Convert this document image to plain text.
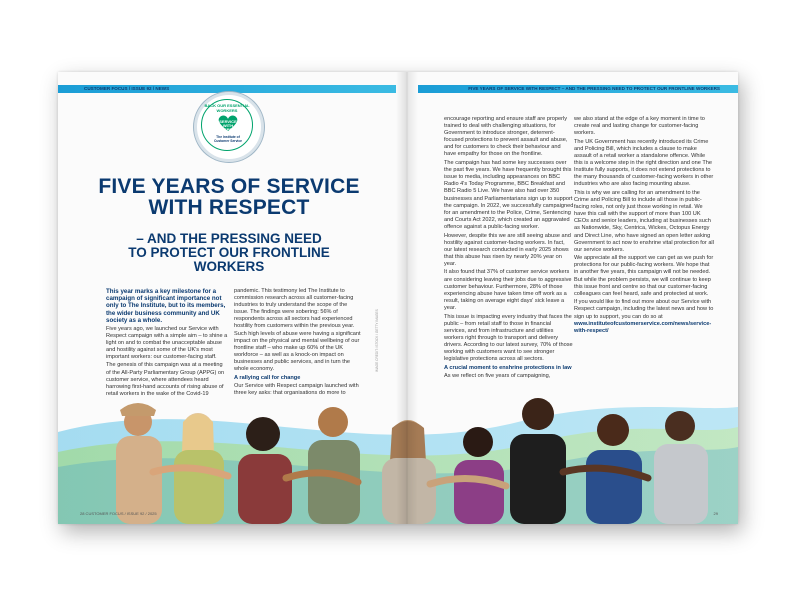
CUSTOMER FOCUS / ISSUE 92 / NEWS	FIVE YEARS OF SERVICE WITH RESPECT – AND THE PRESSING NEED TO PROTECT OUR FRONTLINE WORKERS
BACK OUR ESSENTIAL WORKERS
SERVICE
WITH
RESPECT
The Institute of
Customer Service
FIVE YEARS OF SERVICE
WITH RESPECT
– AND THE PRESSING NEED
TO PROTECT OUR FRONTLINE
WORKERS

This year marks a key milestone for a campaign of significant importance not only to The Institute, but to its members, the wider business community and UK society as a whole.

Five years ago, we launched our Service with Respect campaign with a simple aim – to shine a light on and to combat the unacceptable abuse and hostility against some of the UK's most important workers: our customer-facing staff.

The genesis of this campaign was at a meeting of the All-Party Parliamentary Group (APPG) on customer service, where attendees heard harrowing first-hand accounts of rising abuse of retail workers in the wake of the Covid-19

pandemic. This testimony led The Institute to commission research across all customer-facing industries to truly understand the scope of the issue. The findings were sobering: 56% of respondents across all sectors had experienced hostility from customers within the previous year. Such high levels of abuse were having a significant impact on the physical and mental wellbeing of our frontline staff – who make up 60% of the UK workforce – as well as a knock-on impact on businesses and public services, and in turn the whole economy.

A rallying call for change

Our Service with Respect campaign launched with three key asks: that organisations do more to

IMAGE CREDIT: ISTOCK / GETTY IMAGES

encourage reporting and ensure staff are properly trained to deal with challenging situations, for Government to introduce stronger, deterrent-focused protections to prevent assault and abuse, and for customers to check their behaviour and have empathy for those on the frontline.

The campaign has had some key successes over the past five years. We have frequently brought this issue to media, including appearances on BBC Radio 4's Today Programme, BBC Breakfast and BBC Radio 5 Live. We have also had over 350 businesses and Parliamentarians sign up to support the campaign. In 2022, we successfully campaigned for an amendment to the Police, Crime, Sentencing and Courts Act 2022, which created an aggravated offence against a public-facing worker.

However, despite this we are still seeing abuse and hostility against customer-facing workers. In fact, our latest research conducted in early 2025 shows that this abuse has risen by nearly 20% year on year.

It also found that 37% of customer service workers are considering leaving their jobs due to aggressive customer behaviour. Furthermore, 28% of those experiencing abuse have taken time off work as a result, taking on average eight days' sick leave a year.

This issue is impacting every industry that faces the public – from retail staff to those in financial services, and from infrastructure and utilities workers right through to transport and delivery drivers. According to our latest survey, 70% of those working with customers want to see stronger legislative protections across all sectors.

A crucial moment to enshrine protections in law

As we reflect on five years of campaigning,

we also stand at the edge of a key moment in time to create real and lasting change for customer-facing workers.

The UK Government has recently introduced its Crime and Policing Bill, which includes a clause to make assault of a retail worker a standalone offence. While this is a welcome step in the right direction and one The Institute fully supports, it does not extend protections to the many thousands of customer-facing workers in other industries who are also facing mounting abuse.

This is why we are calling for an amendment to the Crime and Policing Bill to include all those in public-facing roles, not only just those working in retail. We have this call with the support of more than 100 UK CEOs and senior leaders, including at businesses such as Nationwide, Sky, Centrica, Wickes, Octopus Energy and Direct Line, who have signed an open letter asking Government to act now to enshrine vital protection for all our service workers.

We appreciate all the support we can get as we push for protections for our public-facing workers. We hope that in another five years, this campaign will not be needed. But while the problem persists, we will continue to keep this issue front and centre so that our customer-facing colleagues can feel heard, safe and protected at work.

If you would like to find out more about our Service with Respect campaign, including the latest news and how to sign up to support, you can do so at www.instituteofcustomerservice.com/news/service-with-respect/

28 CUSTOMER FOCUS / ISSUE 92 / 2025	29
